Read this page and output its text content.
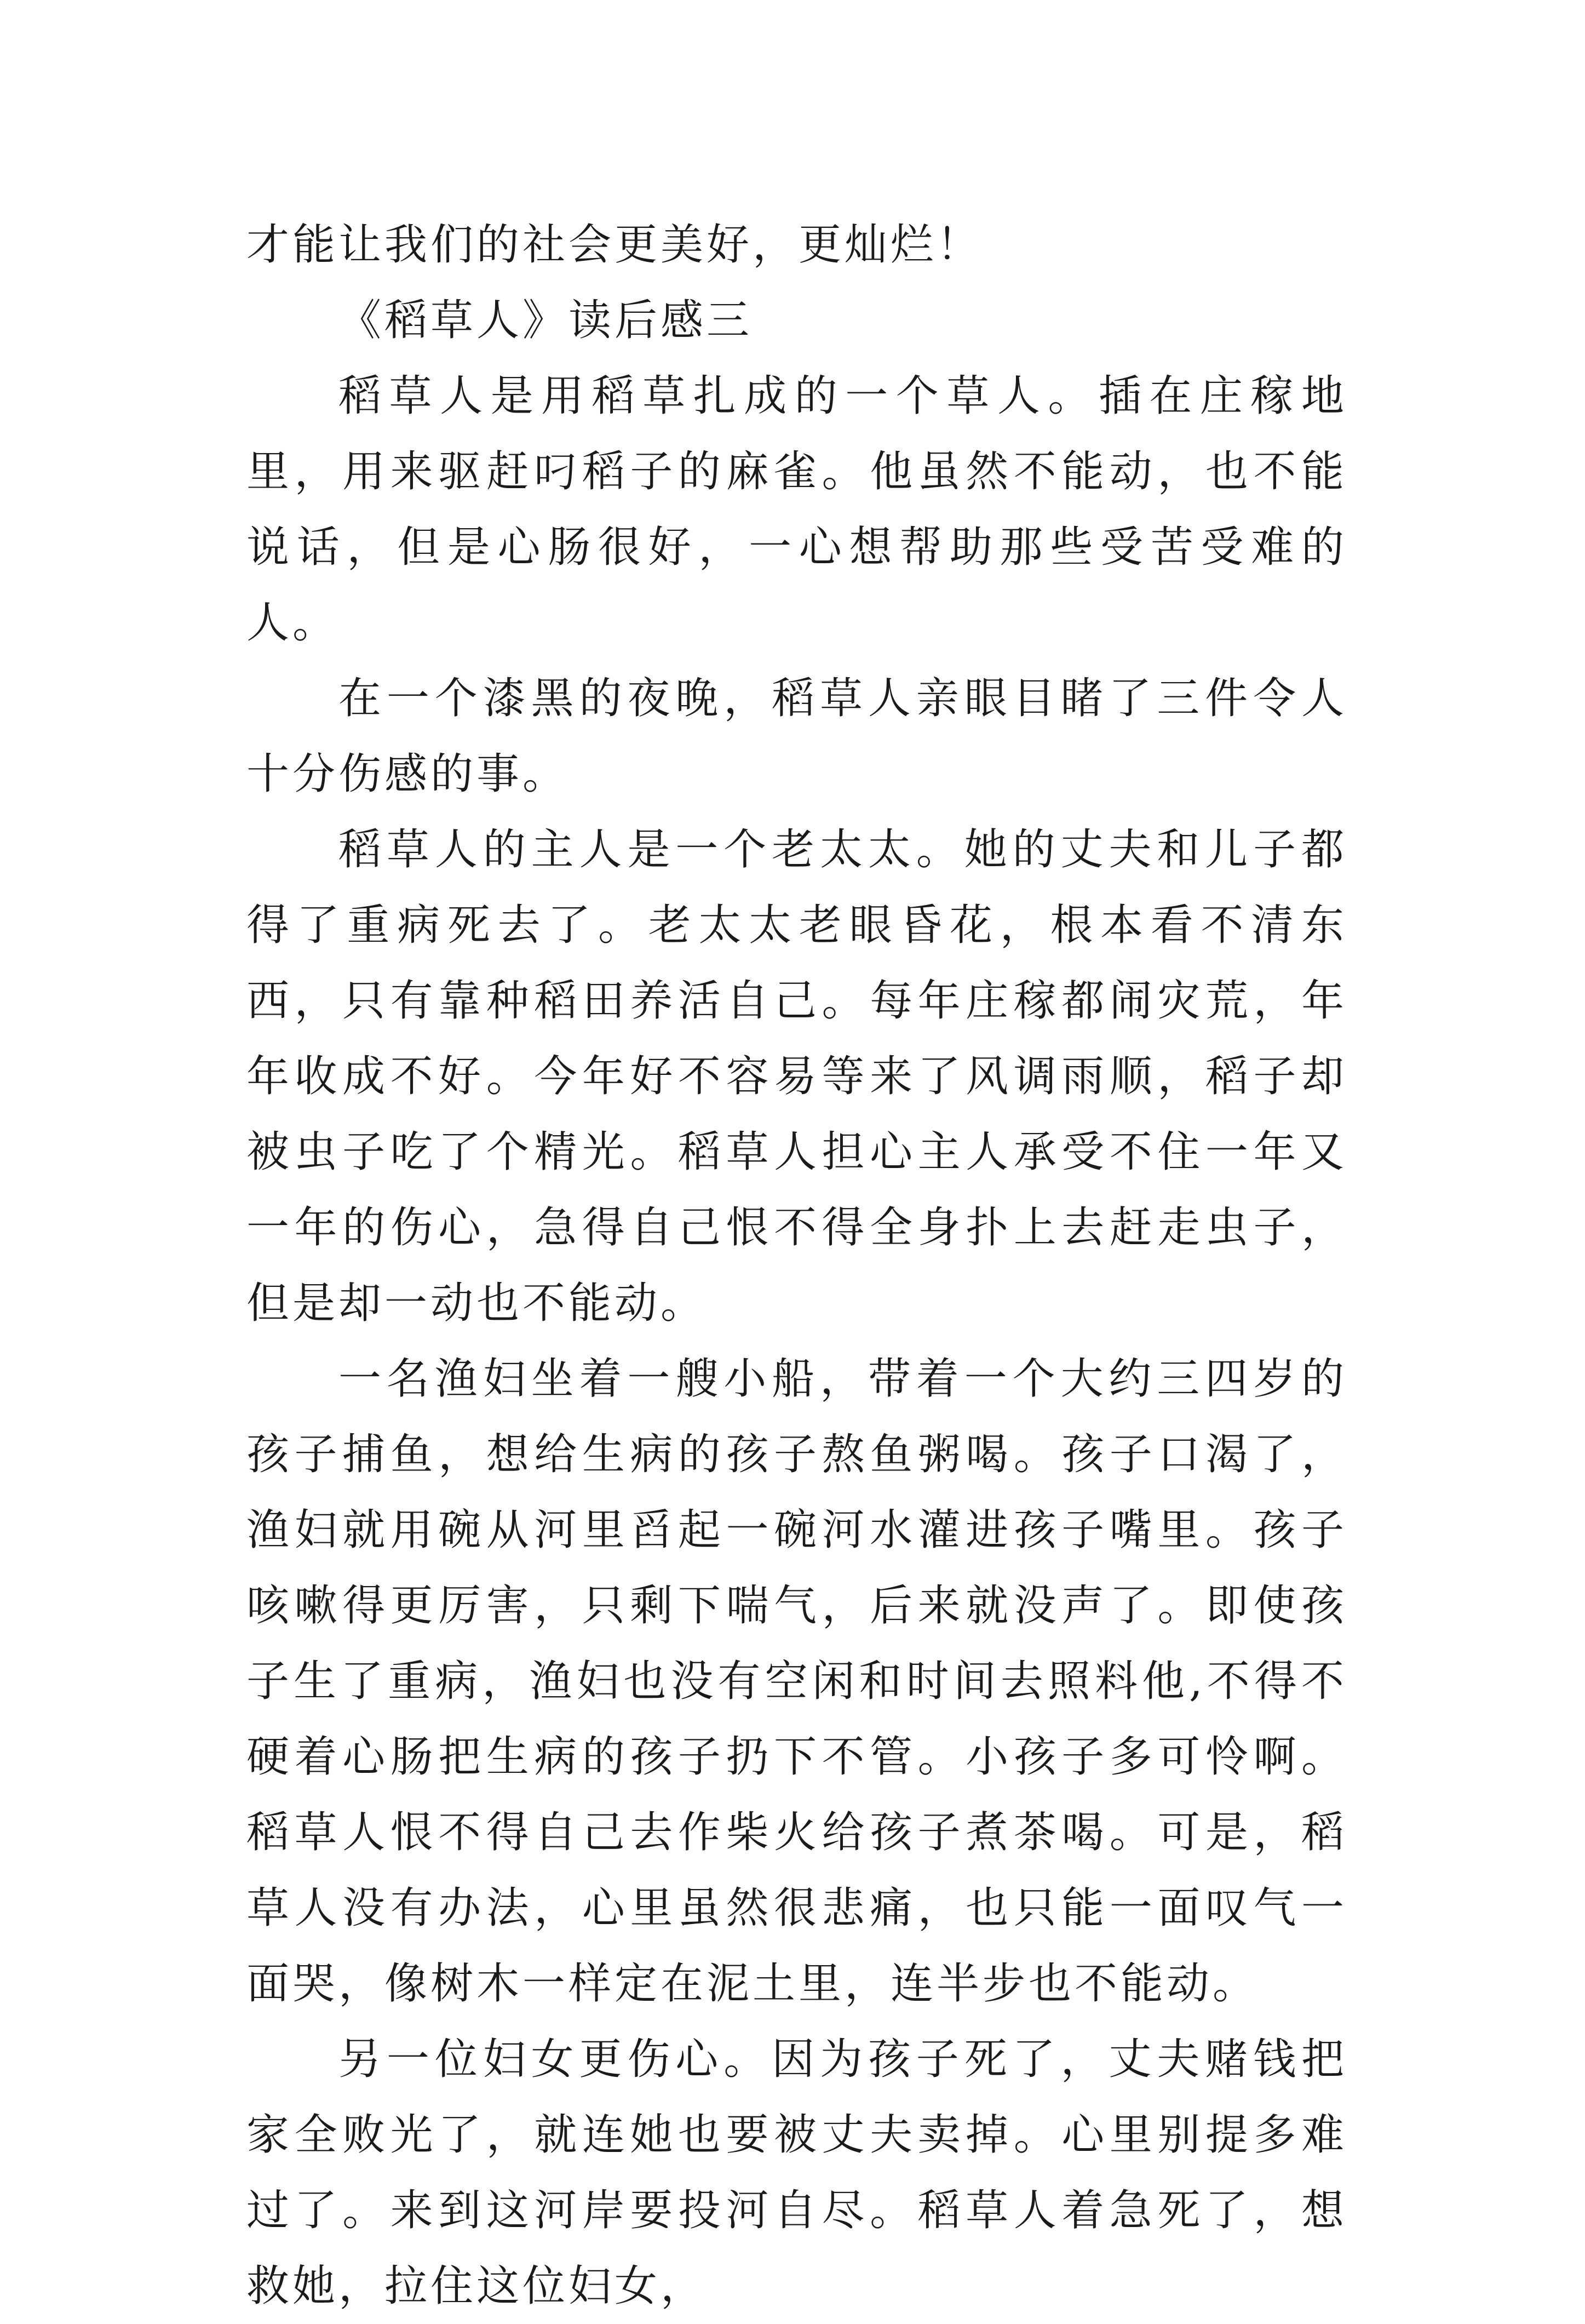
才能让我们的社会更美好，更灿烂！

《稻草人》读后感三

稻草人是用稻草扎成的一个草人。插在庄稼地里，用来驱赶叼稻子的麻雀。他虽然不能动，也不能说话，但是心肠很好，一心想帮助那些受苦受难的人。

在一个漆黑的夜晚，稻草人亲眼目睹了三件令人十分伤感的事。

稻草人的主人是一个老太太。她的丈夫和儿子都得了重病死去了。老太太老眼昏花，根本看不清东西，只有靠种稻田养活自己。每年庄稼都闹灾荒，年年收成不好。今年好不容易等来了风调雨顺，稻子却被虫子吃了个精光。稻草人担心主人承受不住一年又一年的伤心，急得自己恨不得全身扑上去赶走虫子，但是却一动也不能动。

一名渔妇坐着一艘小船，带着一个大约三四岁的孩子捕鱼，想给生病的孩子熬鱼粥喝。孩子口渴了，渔妇就用碗从河里舀起一碗河水灌进孩子嘴里。孩子咳嗽得更厉害，只剩下喘气，后来就没声了。即使孩子生了重病，渔妇也没有空闲和时间去照料他,不得不硬着心肠把生病的孩子扔下不管。小孩子多可怜啊。稻草人恨不得自己去作柴火给孩子煮茶喝。可是，稻草人没有办法，心里虽然很悲痛，也只能一面叹气一面哭，像树木一样定在泥土里，连半步也不能动。

另一位妇女更伤心。因为孩子死了，丈夫赌钱把家全败光了，就连她也要被丈夫卖掉。心里别提多难过了。来到这河岸要投河自尽。稻草人着急死了，想救她，拉住这位妇女，
